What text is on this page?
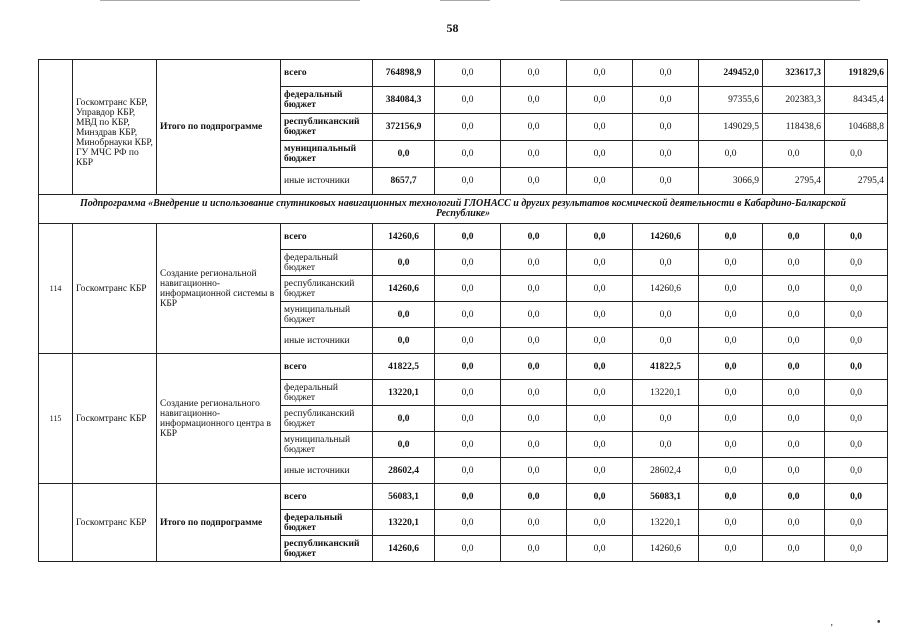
58
	Госкомтранс КБР, Управдор КБР, МВД по КБР, Минздрав КБР, Минобрнауки КБР, ГУ МЧС РФ по КБР	Итого по подпрограмме	всего	764898,9	0,0	0,0	0,0	0,0	249452,0	323617,3	191829,6
			федеральный бюджет	384084,3	0,0	0,0	0,0	0,0	97355,6	202383,3	84345,4
			республиканский бюджет	372156,9	0,0	0,0	0,0	0,0	149029,5	118438,6	104688,8
			муниципальный бюджет	0,0	0,0	0,0	0,0	0,0	0,0	0,0	0,0
			иные источники	8657,7	0,0	0,0	0,0	0,0	3066,9	2795,4	2795,4
Подпрограмма «Внедрение и использование спутниковых навигационных технологий ГЛОНАСС и других результатов космической деятельности в Кабардино-Балкарской Республике»											
114	Госкомтранс КБР	Создание региональной навигационно-информационной системы в КБР	всего	14260,6	0,0	0,0	0,0	14260,6	0,0	0,0	0,0
			федеральный бюджет	0,0	0,0	0,0	0,0	0,0	0,0	0,0	0,0
			республиканский бюджет	14260,6	0,0	0,0	0,0	14260,6	0,0	0,0	0,0
			муниципальный бюджет	0,0	0,0	0,0	0,0	0,0	0,0	0,0	0,0
			иные источники	0,0	0,0	0,0	0,0	0,0	0,0	0,0	0,0
115	Госкомтранс КБР	Создание регионального навигационно-информационного центра в КБР	всего	41822,5	0,0	0,0	0,0	41822,5	0,0	0,0	0,0
			федеральный бюджет	13220,1	0,0	0,0	0,0	13220,1	0,0	0,0	0,0
			республиканский бюджет	0,0	0,0	0,0	0,0	0,0	0,0	0,0	0,0
			муниципальный бюджет	0,0	0,0	0,0	0,0	0,0	0,0	0,0	0,0
			иные источники	28602,4	0,0	0,0	0,0	28602,4	0,0	0,0	0,0
	Госкомтранс КБР	Итого по подпрограмме	всего	56083,1	0,0	0,0	0,0	56083,1	0,0	0,0	0,0
			федеральный бюджет	13220,1	0,0	0,0	0,0	13220,1	0,0	0,0	0,0
			республиканский бюджет	14260,6	0,0	0,0	0,0	14260,6	0,0	0,0	0,0
‚	•
